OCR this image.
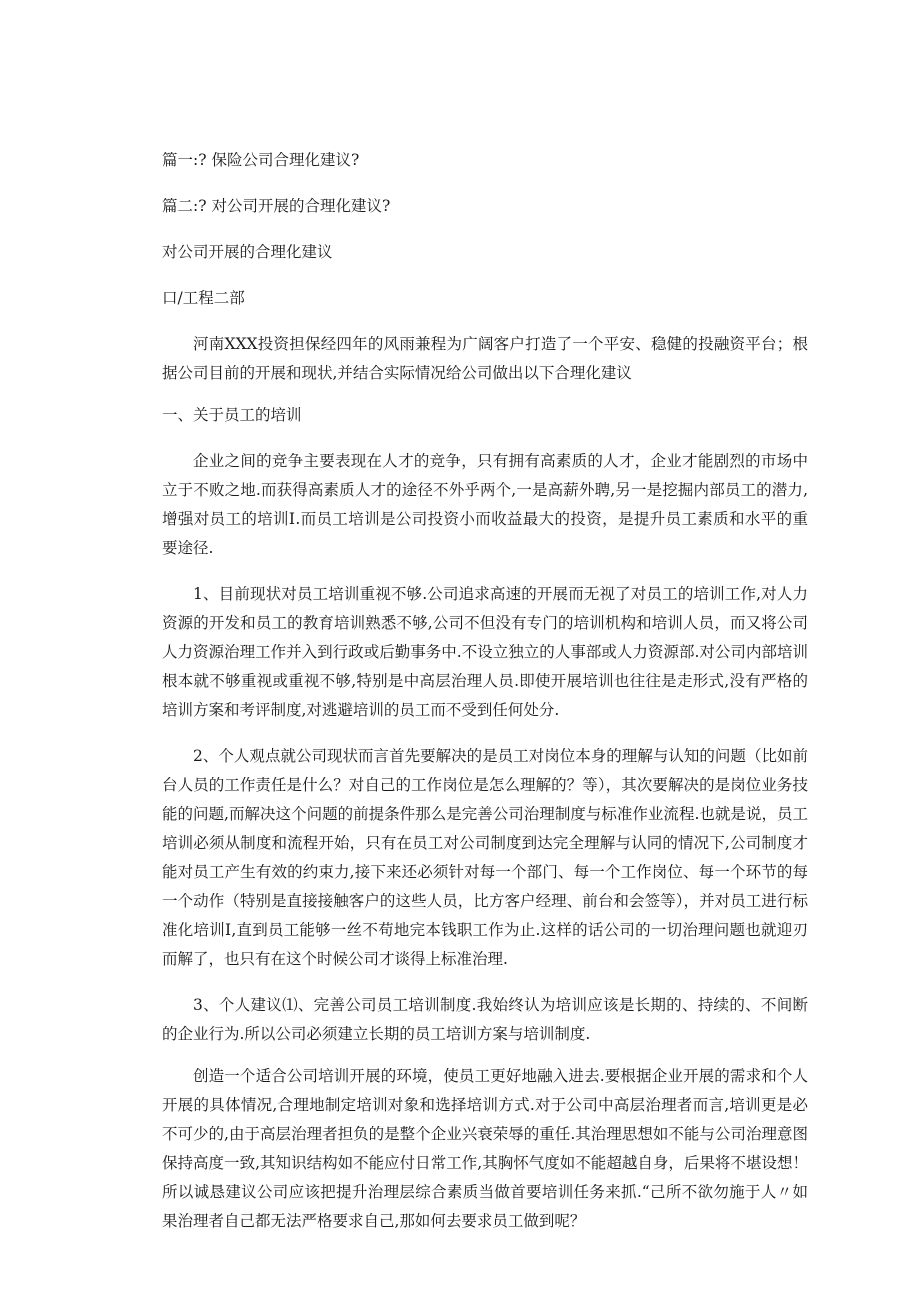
篇一:? 保险公司合理化建议?

篇二:? 对公司开展的合理化建议?

对公司开展的合理化建议

口/工程二部

河南XXX投资担保经四年的风雨兼程为广阔客户打造了一个平安、稳健的投融资平台；根据公司目前的开展和现状,并结合实际情况给公司做出以下合理化建议

一、关于员工的培训

企业之间的竞争主要表现在人才的竞争，只有拥有高素质的人才，企业才能剧烈的市场中立于不败之地.而获得高素质人才的途径不外乎两个,一是高薪外聘,另一是挖掘内部员工的潜力,增强对员工的培训Ⅰ.而员工培训是公司投资小而收益最大的投资，是提升员工素质和水平的重要途径.

1、目前现状对员工培训重视不够.公司追求高速的开展而无视了对员工的培训工作,对人力资源的开发和员工的教育培训熟悉不够,公司不但没有专门的培训机构和培训人员，而又将公司人力资源治理工作并入到行政或后勤事务中.不设立独立的人事部或人力资源部.对公司内部培训根本就不够重视或重视不够,特别是中高层治理人员.即使开展培训也往往是走形式,没有严格的培训方案和考评制度,对逃避培训的员工而不受到任何处分.

2、个人观点就公司现状而言首先要解决的是员工对岗位本身的理解与认知的问题（比如前台人员的工作责任是什么？对自己的工作岗位是怎么理解的？等），其次要解决的是岗位业务技能的问题,而解决这个问题的前提条件那么是完善公司治理制度与标准作业流程.也就是说，员工培训必须从制度和流程开始，只有在员工对公司制度到达完全理解与认同的情况下,公司制度才能对员工产生有效的约束力,接下来还必须针对每一个部门、每一个工作岗位、每一个环节的每一个动作（特别是直接接触客户的这些人员，比方客户经理、前台和会签等），并对员工进行标准化培训Ⅰ,直到员工能够一丝不苟地完本钱职工作为止.这样的话公司的一切治理问题也就迎刃而解了，也只有在这个时候公司才谈得上标准治理.

3、个人建议⑴、完善公司员工培训制度.我始终认为培训应该是长期的、持续的、不间断的企业行为.所以公司必须建立长期的员工培训方案与培训制度.

创造一个适合公司培训开展的环境，使员工更好地融入进去.要根据企业开展的需求和个人开展的具体情况,合理地制定培训对象和选择培训方式.对于公司中高层治理者而言,培训更是必不可少的,由于高层治理者担负的是整个企业兴衰荣辱的重任.其治理思想如不能与公司治理意图保持高度一致,其知识结构如不能应付日常工作,其胸怀气度如不能超越自身，后果将不堪设想！所以诚恳建议公司应该把提升治理层综合素质当做首要培训任务来抓.“己所不欲勿施于人〃如果治理者自己都无法严格要求自己,那如何去要求员工做到呢？
